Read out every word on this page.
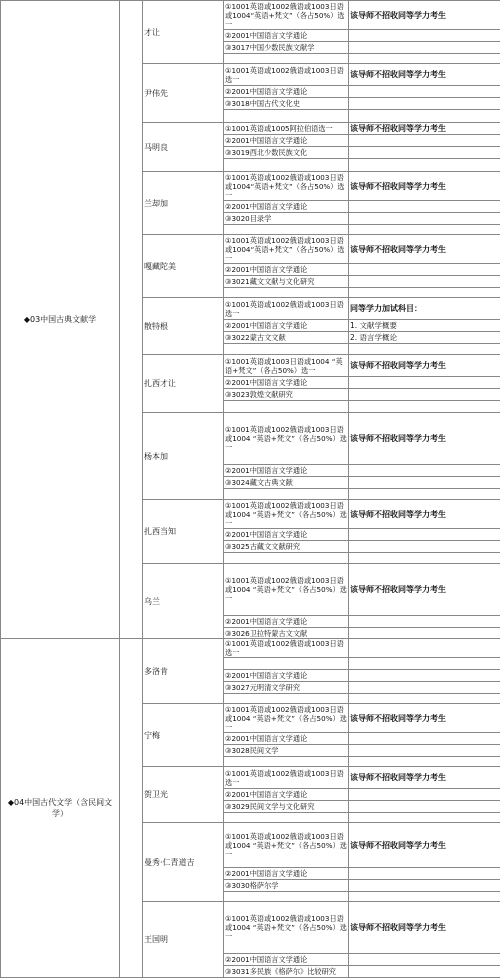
◆03中国古典文献学		才让	①1001英语或1002俄语或1003日语或1004“英语+梵文”（各占50%）选一	该导师不招收同等学力考生
			②2001中国语言文学通论	
			③3017中国少数民族文献学	

		尹伟先	①1001英语或1002俄语或1003日语选一	该导师不招收同等学力考生
			②2001中国语言文学通论	
			③3018中国古代文化史	

		马明良	①1001英语或1005阿拉伯语选一	该导师不招收同等学力考生
			②2001中国语言文学通论	
			③3019西北少数民族文化	

		兰却加	①1001英语或1002俄语或1003日语或1004“英语+梵文”（各占50%）选一	该导师不招收同等学力考生
			②2001中国语言文学通论	
			③3020目录学	

		嘎藏陀美	①1001英语或1002俄语或1003日语或1004“英语+梵文”（各占50%）选一	该导师不招收同等学力考生
			②2001中国语言文学通论	
			③3021藏文文献与文化研究	

		散特根	①1001英语或1002俄语或1003日语选一	同等学力加试科目：
			②2001中国语言文学通论	1. 文献学概要
			③3022蒙古文文献	2. 语言学概论

		扎西才让	①1001英语或1003日语或1004 “英语+梵文”（各占50%）选一	该导师不招收同等学力考生
			②2001中国语言文学通论	
			③3023敦煌文献研究	

		杨本加	①1001英语或1002俄语或1003日语或1004 “英语+梵文”（各占50%）选一	该导师不招收同等学力考生
			②2001中国语言文学通论	
			③3024藏文古典文献	

		扎西当知	①1001英语或1002俄语或1003日语或1004 “英语+梵文”（各占50%）选一	该导师不招收同等学力考生
			②2001中国语言文学通论	
			③3025古藏文文献研究	

		乌兰	①1001英语或1002俄语或1003日语或1004 “英语+梵文”（各占50%）选一	该导师不招收同等学力考生
			②2001中国语言文学通论	
			③3026卫拉特蒙古文文献	
◆04中国古代文学（含民间文学）		多洛肯	①1001英语或1002俄语或1003日语选一	

			②2001中国语言文学通论	
			③3027元明清文学研究	

		宁梅	①1001英语或1002俄语或1003日语或1004 “英语+梵文”（各占50%）选一	该导师不招收同等学力考生
			②2001中国语言文学通论	
			③3028民间文学	

		贺卫光	①1001英语或1002俄语或1003日语选一	该导师不招收同等学力考生
			②2001中国语言文学通论	
			③3029民间文学与文化研究	

		曼秀·仁青道吉	①1001英语或1002俄语或1003日语或1004 “英语+梵文”（各占50%）选一	该导师不招收同等学力考生
			②2001中国语言文学通论	
			③3030格萨尔学	

		王国明	①1001英语或1002俄语或1003日语或1004 “英语+梵文”（各占50%）选一	该导师不招收同等学力考生
			②2001中国语言文学通论	
			③3031多民族《格萨尔》比较研究	
